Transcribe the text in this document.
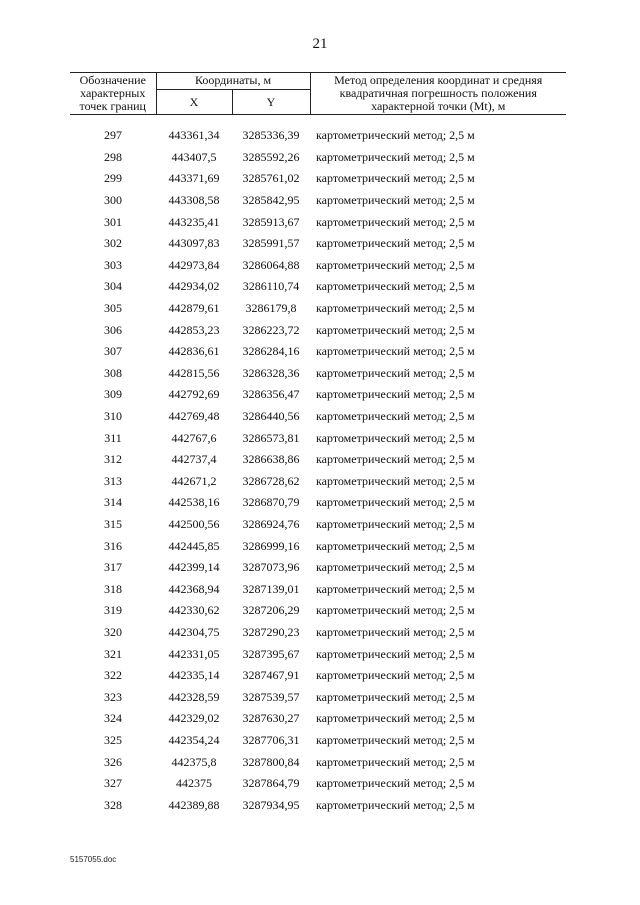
21
Обозначение характерных точек границ	Координаты, м		Метод определения координат и средняя квадратичная погрешность положения характерной точки (Mt), м
	X	Y	

297	443361,34	3285336,39	картометрический метод; 2,5 м
298	443407,5	3285592,26	картометрический метод; 2,5 м
299	443371,69	3285761,02	картометрический метод; 2,5 м
300	443308,58	3285842,95	картометрический метод; 2,5 м
301	443235,41	3285913,67	картометрический метод; 2,5 м
302	443097,83	3285991,57	картометрический метод; 2,5 м
303	442973,84	3286064,88	картометрический метод; 2,5 м
304	442934,02	3286110,74	картометрический метод; 2,5 м
305	442879,61	3286179,8	картометрический метод; 2,5 м
306	442853,23	3286223,72	картометрический метод; 2,5 м
307	442836,61	3286284,16	картометрический метод; 2,5 м
308	442815,56	3286328,36	картометрический метод; 2,5 м
309	442792,69	3286356,47	картометрический метод; 2,5 м
310	442769,48	3286440,56	картометрический метод; 2,5 м
311	442767,6	3286573,81	картометрический метод; 2,5 м
312	442737,4	3286638,86	картометрический метод; 2,5 м
313	442671,2	3286728,62	картометрический метод; 2,5 м
314	442538,16	3286870,79	картометрический метод; 2,5 м
315	442500,56	3286924,76	картометрический метод; 2,5 м
316	442445,85	3286999,16	картометрический метод; 2,5 м
317	442399,14	3287073,96	картометрический метод; 2,5 м
318	442368,94	3287139,01	картометрический метод; 2,5 м
319	442330,62	3287206,29	картометрический метод; 2,5 м
320	442304,75	3287290,23	картометрический метод; 2,5 м
321	442331,05	3287395,67	картометрический метод; 2,5 м
322	442335,14	3287467,91	картометрический метод; 2,5 м
323	442328,59	3287539,57	картометрический метод; 2,5 м
324	442329,02	3287630,27	картометрический метод; 2,5 м
325	442354,24	3287706,31	картометрический метод; 2,5 м
326	442375,8	3287800,84	картометрический метод; 2,5 м
327	442375	3287864,79	картометрический метод; 2,5 м
328	442389,88	3287934,95	картометрический метод; 2,5 м
5157055.doc
